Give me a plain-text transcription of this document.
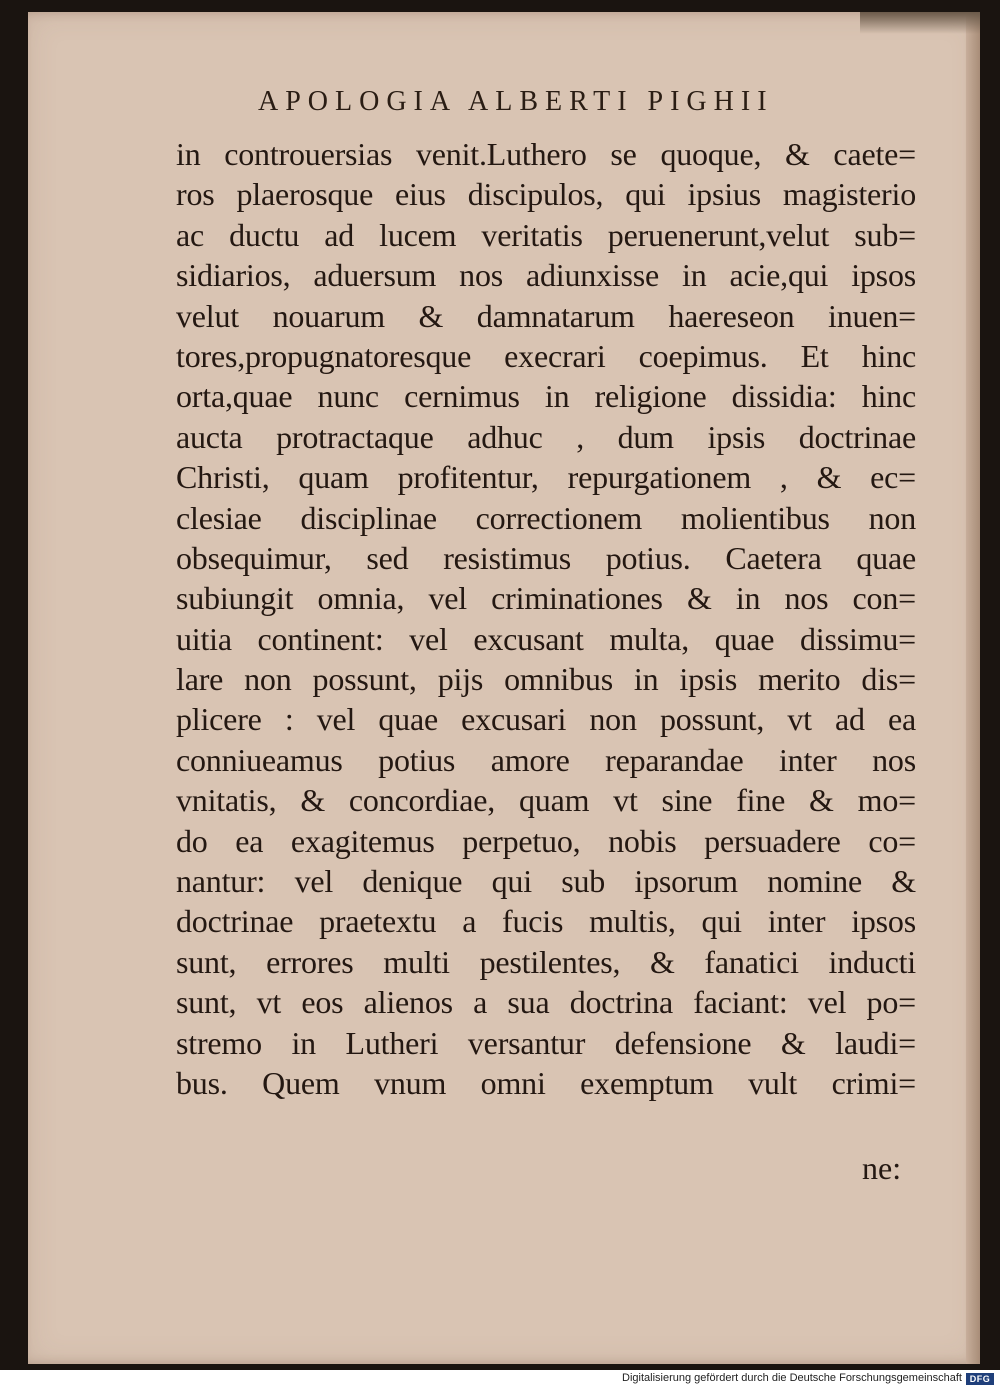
APOLOGIA ALBERTI PIGHII
in controuersias venit.Luthero se quoque, & caete=
ros plaerosque eius discipulos, qui ipsius magisterio
ac ductu ad lucem veritatis peruenerunt,velut sub=
sidiarios, aduersum nos adiunxisse in acie,qui ipsos
velut nouarum & damnatarum haereseon inuen=
tores,propugnatoresque execrari coepimus. Et hinc
orta,quae nunc cernimus in religione dissidia: hinc
aucta protractaque adhuc , dum ipsis doctrinae
Christi, quam profitentur, repurgationem , & ec=
clesiae disciplinae correctionem molientibus non
obsequimur, sed resistimus potius. Caetera quae
subiungit omnia, vel criminationes & in nos con=
uitia continent: vel excusant multa, quae dissimu=
lare non possunt, pijs omnibus in ipsis merito dis=
plicere : vel quae excusari non possunt, vt ad ea
conniueamus potius amore reparandae inter nos
vnitatis, & concordiae, quam vt sine fine & mo=
do ea exagitemus perpetuo, nobis persuadere co=
nantur: vel denique qui sub ipsorum nomine &
doctrinae praetextu a fucis multis, qui inter ipsos
sunt, errores multi pestilentes, & fanatici inducti
sunt, vt eos alienos a sua doctrina faciant: vel po=
stremo in Lutheri versantur defensione & laudi=
bus. Quem vnum omni exemptum vult crimi=
ne:
Digitalisierung gefördert durch die Deutsche Forschungsgemeinschaft DFG
